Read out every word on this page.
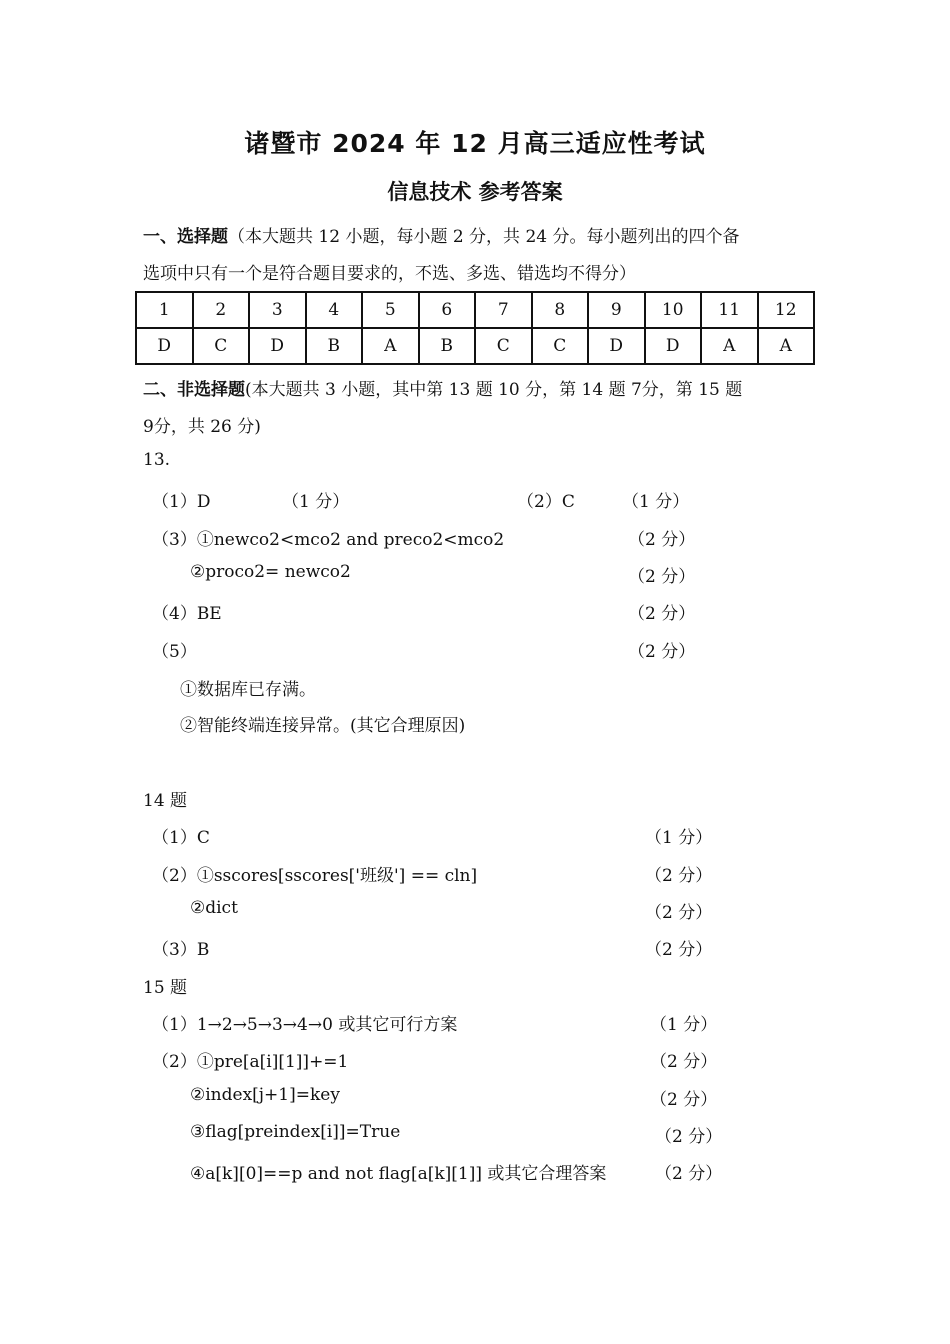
诸暨市 2024 年 12 月高三适应性考试
信息技术 参考答案
一、选择题（本大题共 12 小题，每小题 2 分，共 24 分。每小题列出的四个备
选项中只有一个是符合题目要求的，不选、多选、错选均不得分）
1	2	3	4	5	6	7	8	9	10	11	12
D	C	D	B	A	B	C	C	D	D	A	A
二、非选择题(本大题共 3 小题，其中第 13 题 10 分，第 14 题 7分，第 15 题
9分，共 26 分)
13.
（1）D	（1 分）	（2）C	（1 分）
（3）①newco2<mco2 and preco2<mco2	（2 分）
②proco2= newco2	（2 分）
（4）BE	（2 分）
（5）	（2 分）
①数据库已存满。
②智能终端连接异常。(其它合理原因)
14 题
（1）C	（1 分）
（2）①sscores[sscores['班级'] == cln]	（2 分）
②dict	（2 分）
（3）B	（2 分）
15 题
（1）1→2→5→3→4→0 或其它可行方案	（1 分）
（2）①pre[a[i][1]]+=1	（2 分）
②index[j+1]=key	（2 分）
③flag[preindex[i]]=True	（2 分）
④a[k][0]==p and not flag[a[k][1]] 或其它合理答案	（2 分）
